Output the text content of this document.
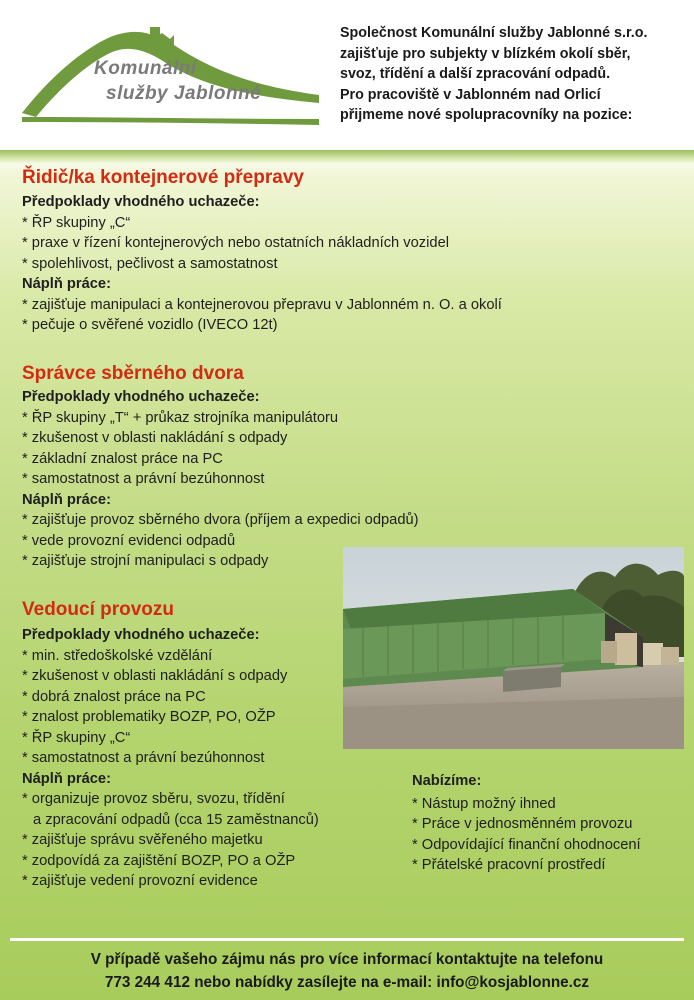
Komunální
služby Jablonné
Společnost Komunální služby Jablonné s.r.o.
zajišťuje pro subjekty v blízkém okolí sběr,
svoz, třídění a další zpracování odpadů.
Pro pracoviště v Jablonném nad Orlicí
přijmeme nové spolupracovníky na pozice:
Řidič/ka kontejnerové přepravy
Předpoklady vhodného uchazeče:
* ŘP skupiny „C“
* praxe v řízení kontejnerových nebo ostatních nákladních vozidel
* spolehlivost, pečlivost a samostatnost
Náplň práce:
* zajišťuje manipulaci a kontejnerovou přepravu v Jablonném n. O. a okolí
* pečuje o svěřené vozidlo (IVECO 12t)
Správce sběrného dvora
Předpoklady vhodného uchazeče:
* ŘP skupiny „T“ + průkaz strojníka manipulátoru
* zkušenost v oblasti nakládání s odpady
* základní znalost práce na PC
* samostatnost a právní bezúhonnost
Náplň práce:
* zajišťuje provoz sběrného dvora (příjem a expedici odpadů)
* vede provozní evidenci odpadů
* zajišťuje strojní manipulaci s odpady
Vedoucí provozu
Předpoklady vhodného uchazeče:
* min. středoškolské vzdělání
* zkušenost v oblasti nakládání s odpady
* dobrá znalost práce na PC
* znalost problematiky BOZP, PO, OŽP
* ŘP skupiny „C“
* samostatnost a právní bezúhonnost
Náplň práce:
* organizuje provoz sběru, svozu, třídění
a zpracování odpadů (cca 15 zaměstnanců)
* zajišťuje správu svěřeného majetku
* zodpovídá za zajištění BOZP, PO a OŽP
* zajišťuje vedení provozní evidence
Nabízíme:
* Nástup možný ihned
* Práce v jednosměnném provozu
* Odpovídající finanční ohodnocení
* Přátelské pracovní prostředí
V případě vašeho zájmu nás pro více informací kontaktujte na telefonu
773 244 412 nebo nabídky zasílejte na e-mail: info@kosjablonne.cz
